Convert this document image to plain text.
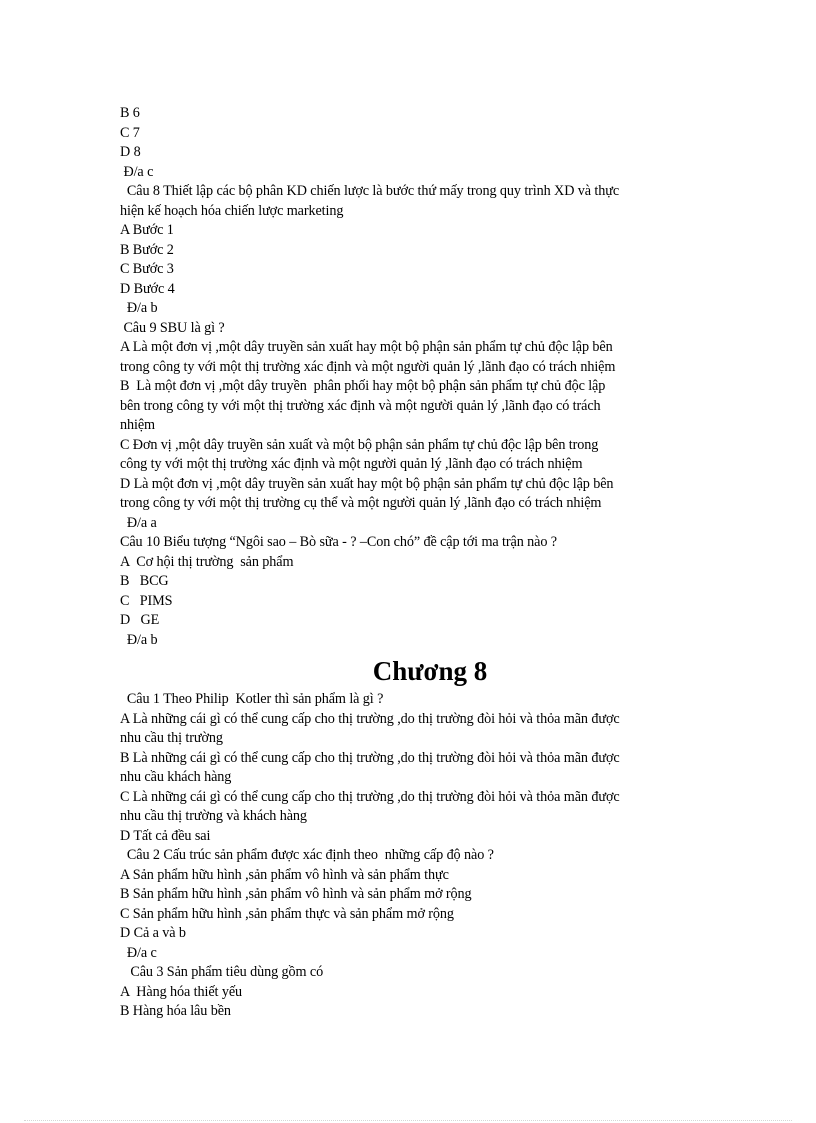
B 6
C 7
D 8
Đ/a c
Câu 8 Thiết lập các bộ phân KD chiến lược là bước thứ mấy trong quy trình XD và thực
hiện kế hoạch hóa chiến lược marketing
A Bước 1
B Bước 2
C Bước 3
D Bước 4
Đ/a b
Câu 9 SBU là gì ?
A Là một đơn vị ,một dây truyền sản xuất hay một bộ phận sản phẩm tự chủ độc lập bên
trong công ty với một thị trường xác định và một người quản lý ,lãnh đạo có trách nhiệm
B  Là một đơn vị ,một dây truyền  phân phối hay một bộ phận sản phẩm tự chủ độc lập
bên trong công ty với một thị trường xác định và một người quản lý ,lãnh đạo có trách
nhiệm
C Đơn vị ,một dây truyền sản xuất và một bộ phận sản phẩm tự chủ độc lập bên trong
công ty với một thị trường xác định và một người quản lý ,lãnh đạo có trách nhiệm
D Là một đơn vị ,một dây truyền sản xuất hay một bộ phận sản phẩm tự chủ độc lập bên
trong công ty với một thị trường cụ thể và một người quản lý ,lãnh đạo có trách nhiệm
Đ/a a
Câu 10 Biểu tượng “Ngôi sao – Bò sữa - ? –Con chó” đề cập tới ma trận nào ?
A  Cơ hội thị trường  sản phẩm
B   BCG
C   PIMS
D   GE
Đ/a b
Chương 8
Câu 1 Theo Philip  Kotler thì sản phẩm là gì ?
A Là những cái gì có thể cung cấp cho thị trường ,do thị trường đòi hỏi và thỏa mãn được
nhu cầu thị trường
B Là những cái gì có thể cung cấp cho thị trường ,do thị trường đòi hỏi và thỏa mãn được
nhu cầu khách hàng
C Là những cái gì có thể cung cấp cho thị trường ,do thị trường đòi hỏi và thỏa mãn được
nhu cầu thị trường và khách hàng
D Tất cả đều sai
Câu 2 Cấu trúc sản phẩm được xác định theo  những cấp độ nào ?
A Sản phẩm hữu hình ,sản phẩm vô hình và sản phẩm thực
B Sản phẩm hữu hình ,sản phẩm vô hình và sản phẩm mở rộng
C Sản phẩm hữu hình ,sản phẩm thực và sản phẩm mở rộng
D Cả a và b
Đ/a c
Câu 3 Sản phẩm tiêu dùng gồm có
A  Hàng hóa thiết yếu
B Hàng hóa lâu bền
